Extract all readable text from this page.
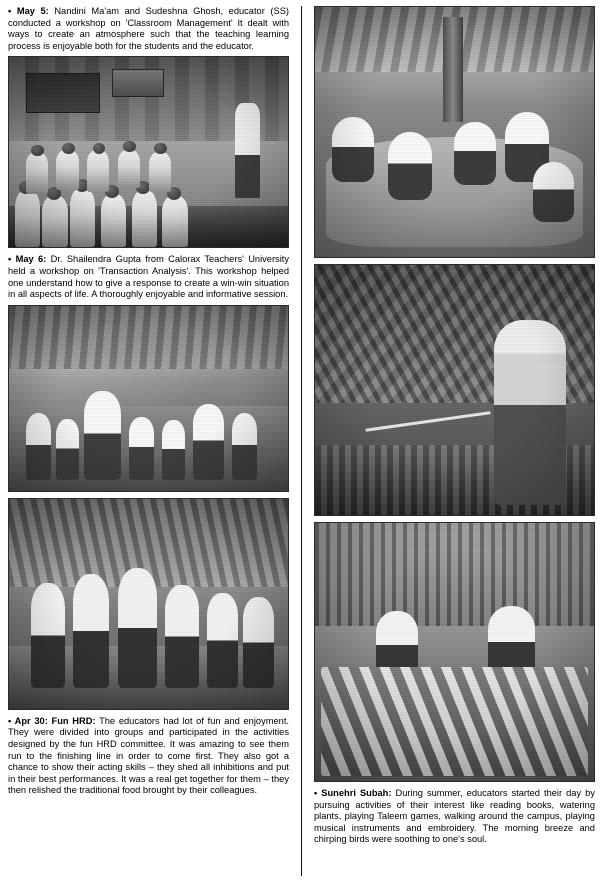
• May 5: Nandini Ma'am and Sudeshna Ghosh, educator (SS) conducted a workshop on 'Classroom Management' It dealt with ways to create an atmosphere such that the teaching learning process is enjoyable both for the students and the educator.

• May 6: Dr. Shailendra Gupta from Calorax Teachers' University held a workshop on 'Transaction Analysis'. This workshop helped one understand how to give a response to create a win-win situation in all aspects of life. A thoroughly enjoyable and informative session.

• Apr 30: Fun HRD: The educators had lot of fun and enjoyment. They were divided into groups and participated in the activities designed by the fun HRD committee. It was amazing to see them run to the finishing line in order to come first. They also got a chance to show their acting skills – they shed all inhibitions and put in their best performances. It was a real get together for them – they then relished the traditional food brought by their colleagues.	• Sunehri Subah: During summer, educators started their day by pursuing activities of their interest like reading books, watering plants, playing Taleem games, walking around the campus, playing musical instruments and embroidery. The morning breeze and chirping birds were soothing to one's soul.
